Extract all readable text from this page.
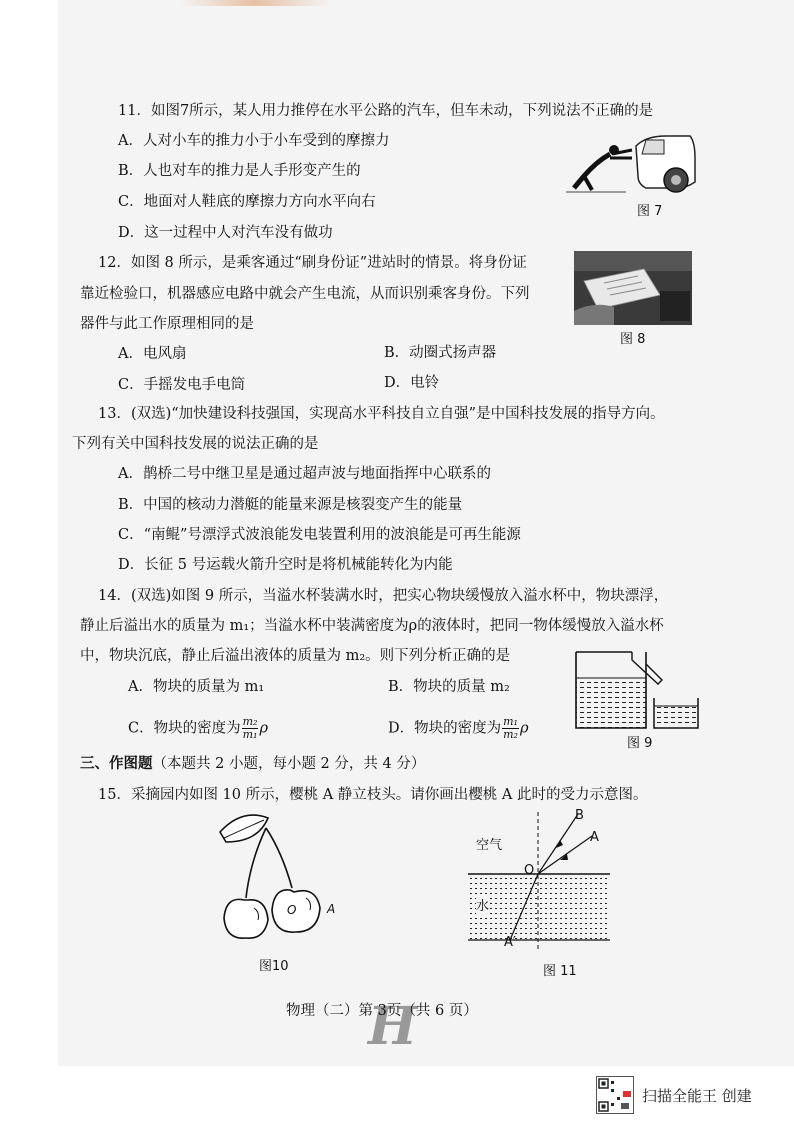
11．如图7所示，某人用力推停在水平公路的汽车，但车未动，下列说法不正确的是
A．人对小车的推力小于小车受到的摩擦力
B．人也对车的推力是人手形变产生的
C．地面对人鞋底的摩擦力方向水平向右
D．这一过程中人对汽车没有做功
图 7
12．如图 8 所示，是乘客通过“刷身份证”进站时的情景。将身份证
靠近检验口，机器感应电路中就会产生电流，从而识别乘客身份。下列
器件与此工作原理相同的是
A．电风扇	B．动圈式扬声器
C．手摇发电手电筒	D．电铃
图 8
13．(双选)“加快建设科技强国，实现高水平科技自立自强”是中国科技发展的指导方向。
下列有关中国科技发展的说法正确的是
A．鹊桥二号中继卫星是通过超声波与地面指挥中心联系的
B．中国的核动力潜艇的能量来源是核裂变产生的能量
C．“南鲲”号漂浮式波浪能发电装置利用的波浪能是可再生能源
D．长征 5 号运载火箭升空时是将机械能转化为内能
14．(双选)如图 9 所示，当溢水杯装满水时，把实心物块缓慢放入溢水杯中，物块漂浮，
静止后溢出水的质量为 m₁；当溢水杯中装满密度为ρ的液体时，把同一物体缓慢放入溢水杯
中，物块沉底，静止后溢出液体的质量为 m₂。则下列分析正确的是
A．物块的质量为 m₁	B．物块的质量 m₂
C．物块的密度为 $\frac{\text{m₂}}{\text{m₁}}$ ρ	D．物块的密度为 $\frac{\text{m₁}}{\text{m₂}}$ ρ
图 9
三、作图题（本题共 2 小题，每小题 2 分，共 4 分）
15．采摘园内如图 10 所示，樱桃 A 静立枝头。请你画出樱桃 A 此时的受力示意图。
O	A
图10
B
A
空气
O
水
A′
图 11
H
物理（二）第 3页（共 6 页）
扫描全能王 创建
